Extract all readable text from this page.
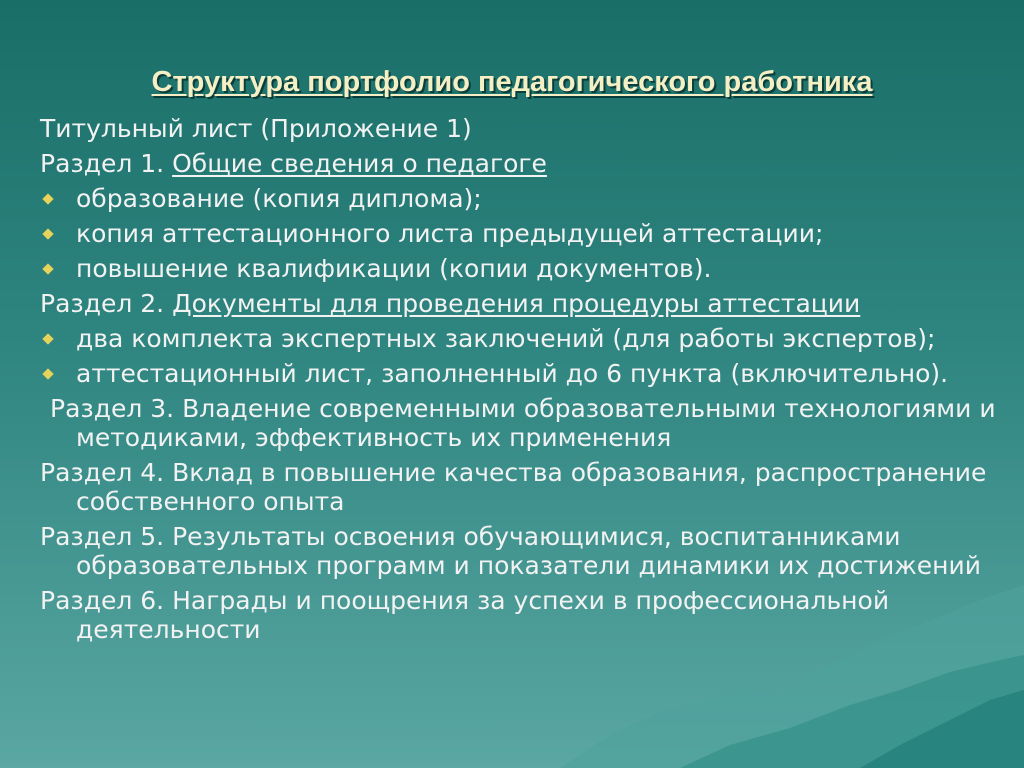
Структура портфолио педагогического работника
Титульный лист (Приложение 1)
Раздел 1. Общие сведения о педагоге
образование (копия диплома);
копия аттестационного листа предыдущей аттестации;
повышение квалификации (копии документов).
Раздел 2. Документы для проведения процедуры аттестации
два комплекта экспертных заключений (для работы экспертов);
аттестационный лист, заполненный до 6 пункта (включительно).
Раздел 3. Владение современными образовательными технологиями и методиками, эффективность их применения
Раздел 4. Вклад в повышение качества образования, распространение собственного опыта
Раздел 5. Результаты освоения обучающимися, воспитанниками образовательных программ и показатели динамики их достижений
Раздел 6. Награды и поощрения за успехи в профессиональной деятельности
